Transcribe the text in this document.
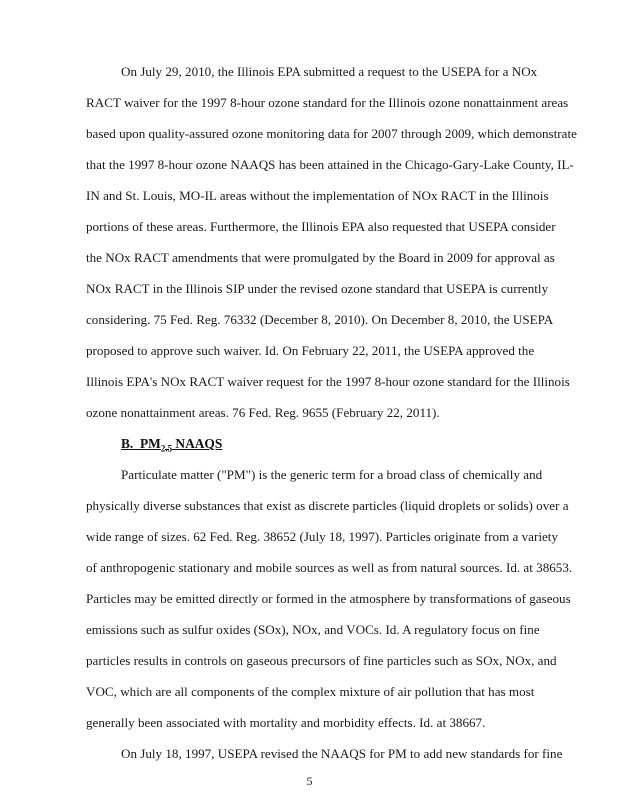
On July 29, 2010, the Illinois EPA submitted a request to the USEPA for a NOx

RACT waiver for the 1997 8-hour ozone standard for the Illinois ozone nonattainment areas

based upon quality-assured ozone monitoring data for 2007 through 2009, which demonstrate

that the 1997 8-hour ozone NAAQS has been attained in the Chicago-Gary-Lake County, IL-

IN and St. Louis, MO-IL areas without the implementation of NOx RACT in the Illinois

portions of these areas. Furthermore, the Illinois EPA also requested that USEPA consider

the NOx RACT amendments that were promulgated by the Board in 2009 for approval as

NOx RACT in the Illinois SIP under the revised ozone standard that USEPA is currently

considering. 75 Fed. Reg. 76332 (December 8, 2010). On December 8, 2010, the USEPA

proposed to approve such waiver. Id. On February 22, 2011, the USEPA approved the

Illinois EPA's NOx RACT waiver request for the 1997 8-hour ozone standard for the Illinois

ozone nonattainment areas. 76 Fed. Reg. 9655 (February 22, 2011).

B. $PM_{2.5}$ NAAQS

Particulate matter ("PM") is the generic term for a broad class of chemically and

physically diverse substances that exist as discrete particles (liquid droplets or solids) over a

wide range of sizes. 62 Fed. Reg. 38652 (July 18, 1997). Particles originate from a variety

of anthropogenic stationary and mobile sources as well as from natural sources. Id. at 38653.

Particles may be emitted directly or formed in the atmosphere by transformations of gaseous

emissions such as sulfur oxides (SOx), NOx, and VOCs. Id. A regulatory focus on fine

particles results in controls on gaseous precursors of fine particles such as SOx, NOx, and

VOC, which are all components of the complex mixture of air pollution that has most

generally been associated with mortality and morbidity effects. Id. at 38667.

On July 18, 1997, USEPA revised the NAAQS for PM to add new standards for fine

5
